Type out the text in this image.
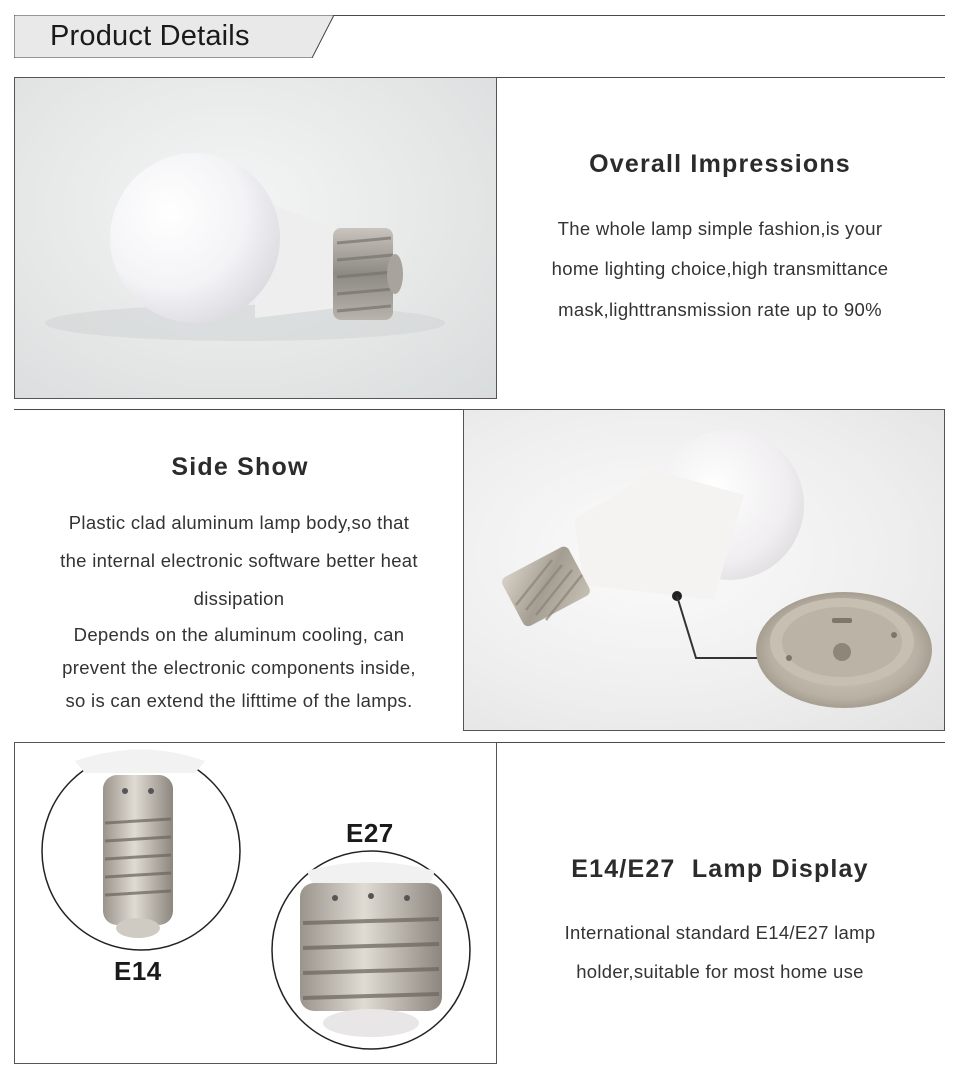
Product Details
Overall Impressions
The whole lamp simple fashion,is your
home lighting choice,high transmittance
mask,lighttransmission rate up to 90%
Side Show
Plastic clad aluminum lamp body,so that
the internal electronic software better heat
dissipation
Depends on the aluminum cooling, can
prevent the electronic components inside,
so is can extend the lifttime of the lamps.
E14
E27
E14/E27  Lamp Display
International standard E14/E27 lamp
holder,suitable for most home use
